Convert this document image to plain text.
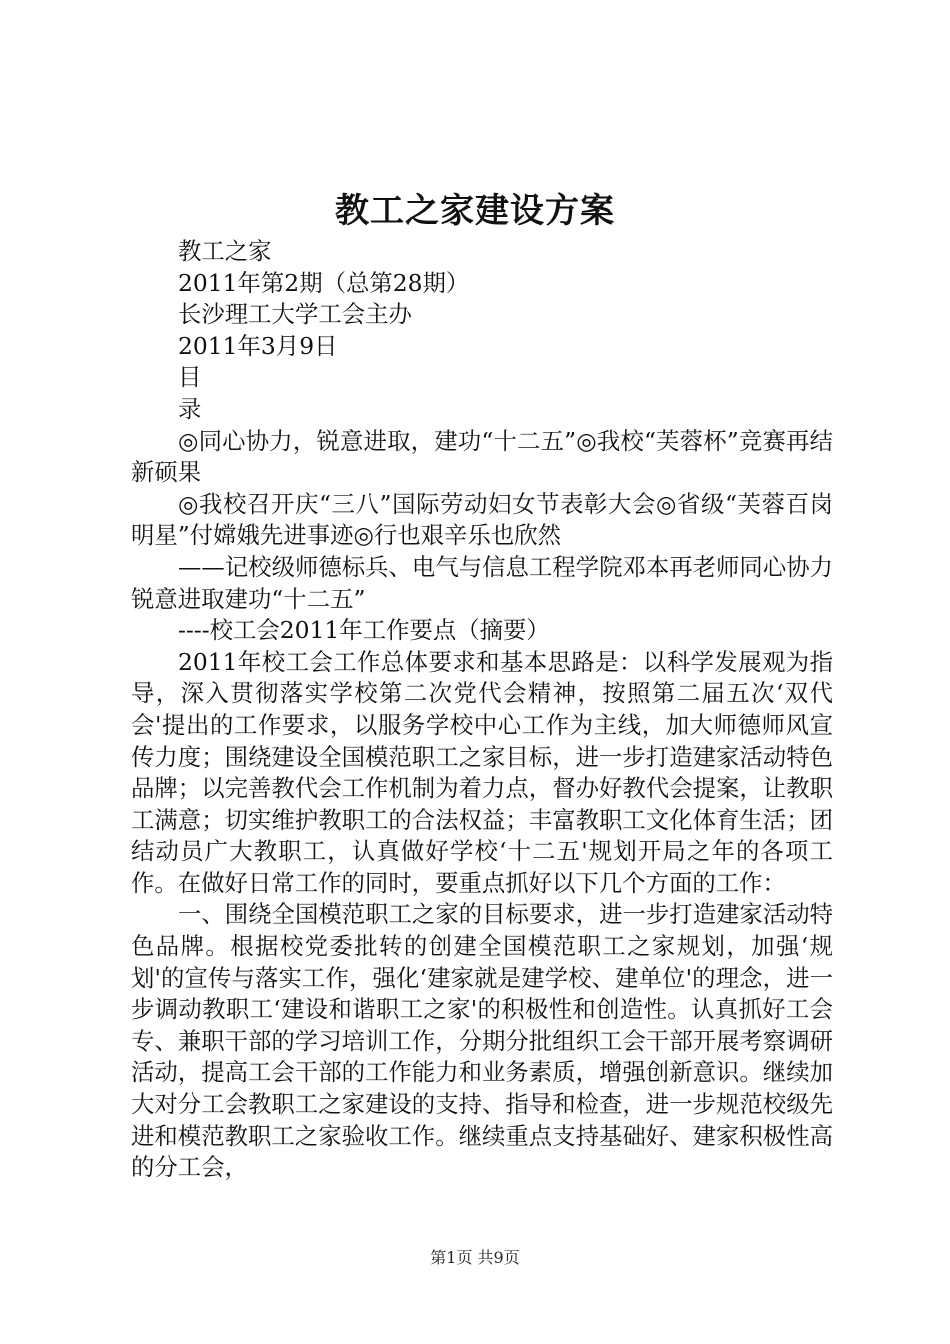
教工之家建设方案

教工之家

2011年第2期（总第28期）

长沙理工大学工会主办

2011年3月9日

目

录

◎同心协力，锐意进取，建功“十二五”◎我校“芙蓉杯”竞赛再结新硕果

◎我校召开庆“三八”国际劳动妇女节表彰大会◎省级“芙蓉百岗明星”付嫦娥先进事迹◎行也艰辛乐也欣然

——记校级师德标兵、电气与信息工程学院邓本再老师同心协力锐意进取建功“十二五”

----校工会2011年工作要点（摘要）

2011年校工会工作总体要求和基本思路是：以科学发展观为指导，深入贯彻落实学校第二次党代会精神，按照第二届五次‘双代会'提出的工作要求，以服务学校中心工作为主线，加大师德师风宣传力度；围绕建设全国模范职工之家目标，进一步打造建家活动特色品牌；以完善教代会工作机制为着力点，督办好教代会提案，让教职工满意；切实维护教职工的合法权益；丰富教职工文化体育生活；团结动员广大教职工，认真做好学校‘十二五'规划开局之年的各项工作。在做好日常工作的同时，要重点抓好以下几个方面的工作：

一、围绕全国模范职工之家的目标要求，进一步打造建家活动特色品牌。根据校党委批转的创建全国模范职工之家规划，加强‘规划'的宣传与落实工作，强化‘建家就是建学校、建单位'的理念，进一步调动教职工‘建设和谐职工之家'的积极性和创造性。认真抓好工会专、兼职干部的学习培训工作，分期分批组织工会干部开展考察调研活动，提高工会干部的工作能力和业务素质，增强创新意识。继续加大对分工会教职工之家建设的支持、指导和检查，进一步规范校级先进和模范教职工之家验收工作。继续重点支持基础好、建家积极性高的分工会，

第1页 共9页
